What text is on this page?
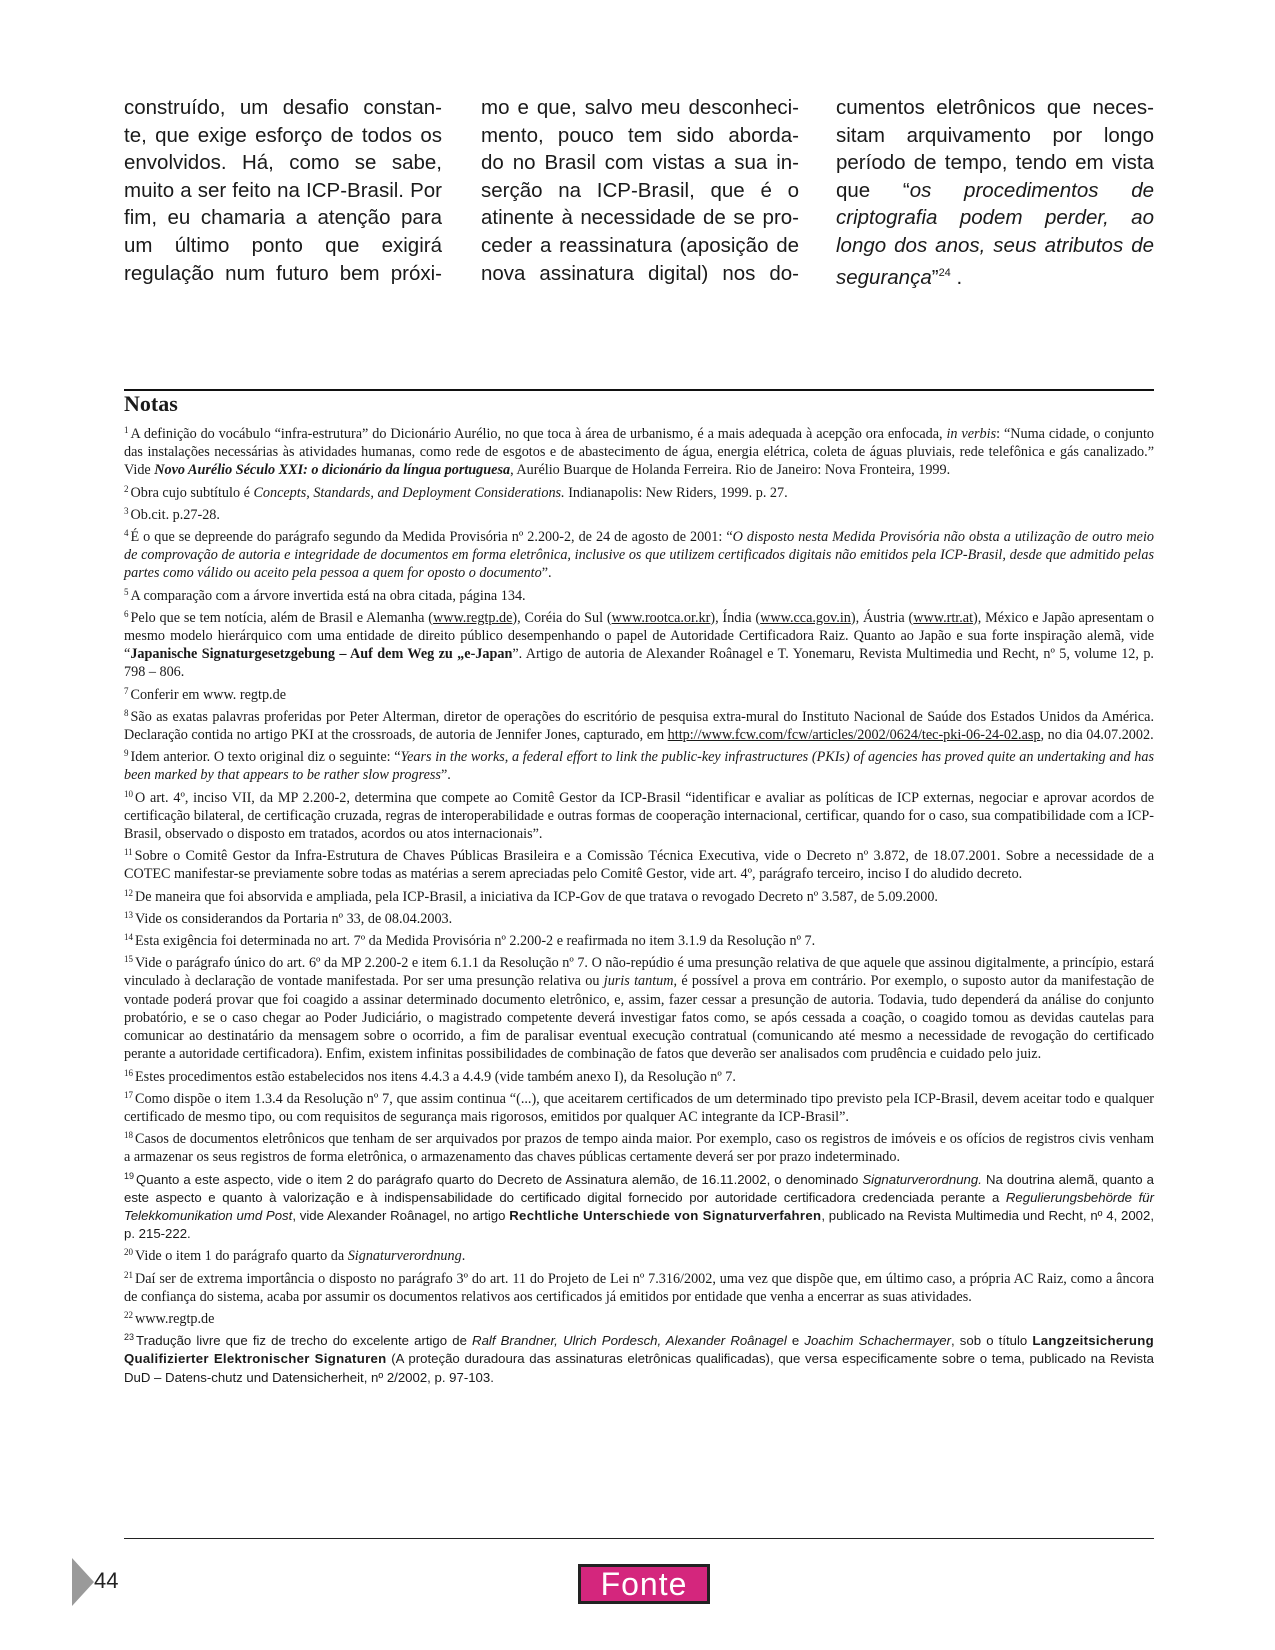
construído, um desafio constan-
te, que exige esforço de todos os
envolvidos. Há, como se sabe,
muito a ser feito na ICP-Brasil. Por
fim, eu chamaria a atenção para
um último ponto que exigirá
regulação num futuro bem próxi-
mo e que, salvo meu desconheci-
mento, pouco tem sido aborda-
do no Brasil com vistas a sua in-
serção na ICP-Brasil, que é o
atinente à necessidade de se pro-
ceder a reassinatura (aposição de
nova assinatura digital) nos do-
cumentos eletrônicos que neces-
sitam arquivamento por longo
período de tempo, tendo em vista
que “os procedimentos de
criptografia podem perder, ao
longo dos anos, seus atributos de
segurança”$^{24}$ .
Notas

$^1$ A definição do vocábulo “infra-estrutura” do Dicionário Aurélio, no que toca à área de urbanismo, é a mais adequada à acepção ora enfocada, in verbis: “Numa cidade, o conjunto das instalações necessárias às atividades humanas, como rede de esgotos e de abastecimento de água, energia elétrica, coleta de águas pluviais, rede telefônica e gás canalizado.” Vide Novo Aurélio Século XXI: o dicionário da língua portuguesa, Aurélio Buarque de Holanda Ferreira. Rio de Janeiro: Nova Fronteira, 1999.

$^2$ Obra cujo subtítulo é Concepts, Standards, and Deployment Considerations. Indianapolis: New Riders, 1999. p. 27.

$^3$ Ob.cit. p.27-28.

$^4$ É o que se depreende do parágrafo segundo da Medida Provisória nº 2.200-2, de 24 de agosto de 2001: “O disposto nesta Medida Provisória não obsta a utilização de outro meio de comprovação de autoria e integridade de documentos em forma eletrônica, inclusive os que utilizem certificados digitais não emitidos pela ICP-Brasil, desde que admitido pelas partes como válido ou aceito pela pessoa a quem for oposto o documento”.

$^5$ A comparação com a árvore invertida está na obra citada, página 134.

$^6$ Pelo que se tem notícia, além de Brasil e Alemanha (www.regtp.de), Coréia do Sul (www.rootca.or.kr), Índia (www.cca.gov.in), Áustria (www.rtr.at), México e Japão apresentam o mesmo modelo hierárquico com uma entidade de direito público desempenhando o papel de Autoridade Certificadora Raiz. Quanto ao Japão e sua forte inspiração alemã, vide “Japanische Signaturgesetzgebung – Auf dem Weg zu „e-Japan”. Artigo de autoria de Alexander Roânagel e T. Yonemaru, Revista Multimedia und Recht, nº 5, volume 12, p. 798 – 806.

$^7$ Conferir em www. regtp.de

$^8$ São as exatas palavras proferidas por Peter Alterman, diretor de operações do escritório de pesquisa extra-mural do Instituto Nacional de Saúde dos Estados Unidos da América. Declaração contida no artigo PKI at the crossroads, de autoria de Jennifer Jones, capturado, em http://www.fcw.com/fcw/articles/2002/0624/tec-pki-06-24-02.asp, no dia 04.07.2002.

$^9$ Idem anterior. O texto original diz o seguinte: “Years in the works, a federal effort to link the public-key infrastructures (PKIs) of agencies has proved quite an undertaking and has been marked by that appears to be rather slow progress”.

$^{10}$ O art. 4º, inciso VII, da MP 2.200-2, determina que compete ao Comitê Gestor da ICP-Brasil “identificar e avaliar as políticas de ICP externas, negociar e aprovar acordos de certificação bilateral, de certificação cruzada, regras de interoperabilidade e outras formas de cooperação internacional, certificar, quando for o caso, sua compatibilidade com a ICP-Brasil, observado o disposto em tratados, acordos ou atos internacionais”.

$^{11}$ Sobre o Comitê Gestor da Infra-Estrutura de Chaves Públicas Brasileira e a Comissão Técnica Executiva, vide o Decreto nº 3.872, de 18.07.2001. Sobre a necessidade de a COTEC manifestar-se previamente sobre todas as matérias a serem apreciadas pelo Comitê Gestor, vide art. 4º, parágrafo terceiro, inciso I do aludido decreto.

$^{12}$ De maneira que foi absorvida e ampliada, pela ICP-Brasil, a iniciativa da ICP-Gov de que tratava o revogado Decreto nº 3.587, de 5.09.2000.

$^{13}$ Vide os considerandos da Portaria nº 33, de 08.04.2003.

$^{14}$ Esta exigência foi determinada no art. 7º da Medida Provisória nº 2.200-2 e reafirmada no item 3.1.9 da Resolução nº 7.

$^{15}$ Vide o parágrafo único do art. 6º da MP 2.200-2 e item 6.1.1 da Resolução nº 7. O não-repúdio é uma presunção relativa de que aquele que assinou digitalmente, a princípio, estará vinculado à declaração de vontade manifestada. Por ser uma presunção relativa ou juris tantum, é possível a prova em contrário. Por exemplo, o suposto autor da manifestação de vontade poderá provar que foi coagido a assinar determinado documento eletrônico, e, assim, fazer cessar a presunção de autoria. Todavia, tudo dependerá da análise do conjunto probatório, e se o caso chegar ao Poder Judiciário, o magistrado competente deverá investigar fatos como, se após cessada a coação, o coagido tomou as devidas cautelas para comunicar ao destinatário da mensagem sobre o ocorrido, a fim de paralisar eventual execução contratual (comunicando até mesmo a necessidade de revogação do certificado perante a autoridade certificadora). Enfim, existem infinitas possibilidades de combinação de fatos que deverão ser analisados com prudência e cuidado pelo juiz.

$^{16}$ Estes procedimentos estão estabelecidos nos itens 4.4.3 a 4.4.9 (vide também anexo I), da Resolução nº 7.

$^{17}$ Como dispõe o item 1.3.4 da Resolução nº 7, que assim continua “(...), que aceitarem certificados de um determinado tipo previsto pela ICP-Brasil, devem aceitar todo e qualquer certificado de mesmo tipo, ou com requisitos de segurança mais rigorosos, emitidos por qualquer AC integrante da ICP-Brasil”.

$^{18}$ Casos de documentos eletrônicos que tenham de ser arquivados por prazos de tempo ainda maior. Por exemplo, caso os registros de imóveis e os ofícios de registros civis venham a armazenar os seus registros de forma eletrônica, o armazenamento das chaves públicas certamente deverá ser por prazo indeterminado.

$^{19}$ Quanto a este aspecto, vide o item 2 do parágrafo quarto do Decreto de Assinatura alemão, de 16.11.2002, o denominado Signaturverordnung. Na doutrina alemã, quanto a este aspecto e quanto à valorização e à indispensabilidade do certificado digital fornecido por autoridade certificadora credenciada perante a Regulierungsbehörde für Telekkomunikation umd Post, vide Alexander Roânagel, no artigo Rechtliche Unterschiede von Signaturverfahren, publicado na Revista Multimedia und Recht, nº 4, 2002, p. 215-222.

$^{20}$ Vide o item 1 do parágrafo quarto da Signaturverordnung.

$^{21}$ Daí ser de extrema importância o disposto no parágrafo 3º do art. 11 do Projeto de Lei nº 7.316/2002, uma vez que dispõe que, em último caso, a própria AC Raiz, como a âncora de confiança do sistema, acaba por assumir os documentos relativos aos certificados já emitidos por entidade que venha a encerrar as suas atividades.

$^{22}$ www.regtp.de

$^{23}$ Tradução livre que fiz de trecho do excelente artigo de Ralf Brandner, Ulrich Pordesch, Alexander Roânagel e Joachim Schachermayer, sob o título Langzeitsicherung Qualifizierter Elektronischer Signaturen (A proteção duradoura das assinaturas eletrônicas qualificadas), que versa especificamente sobre o tema, publicado na Revista DuD – Datens-chutz und Datensicherheit, nº 2/2002, p. 97-103.

44	Fonte
